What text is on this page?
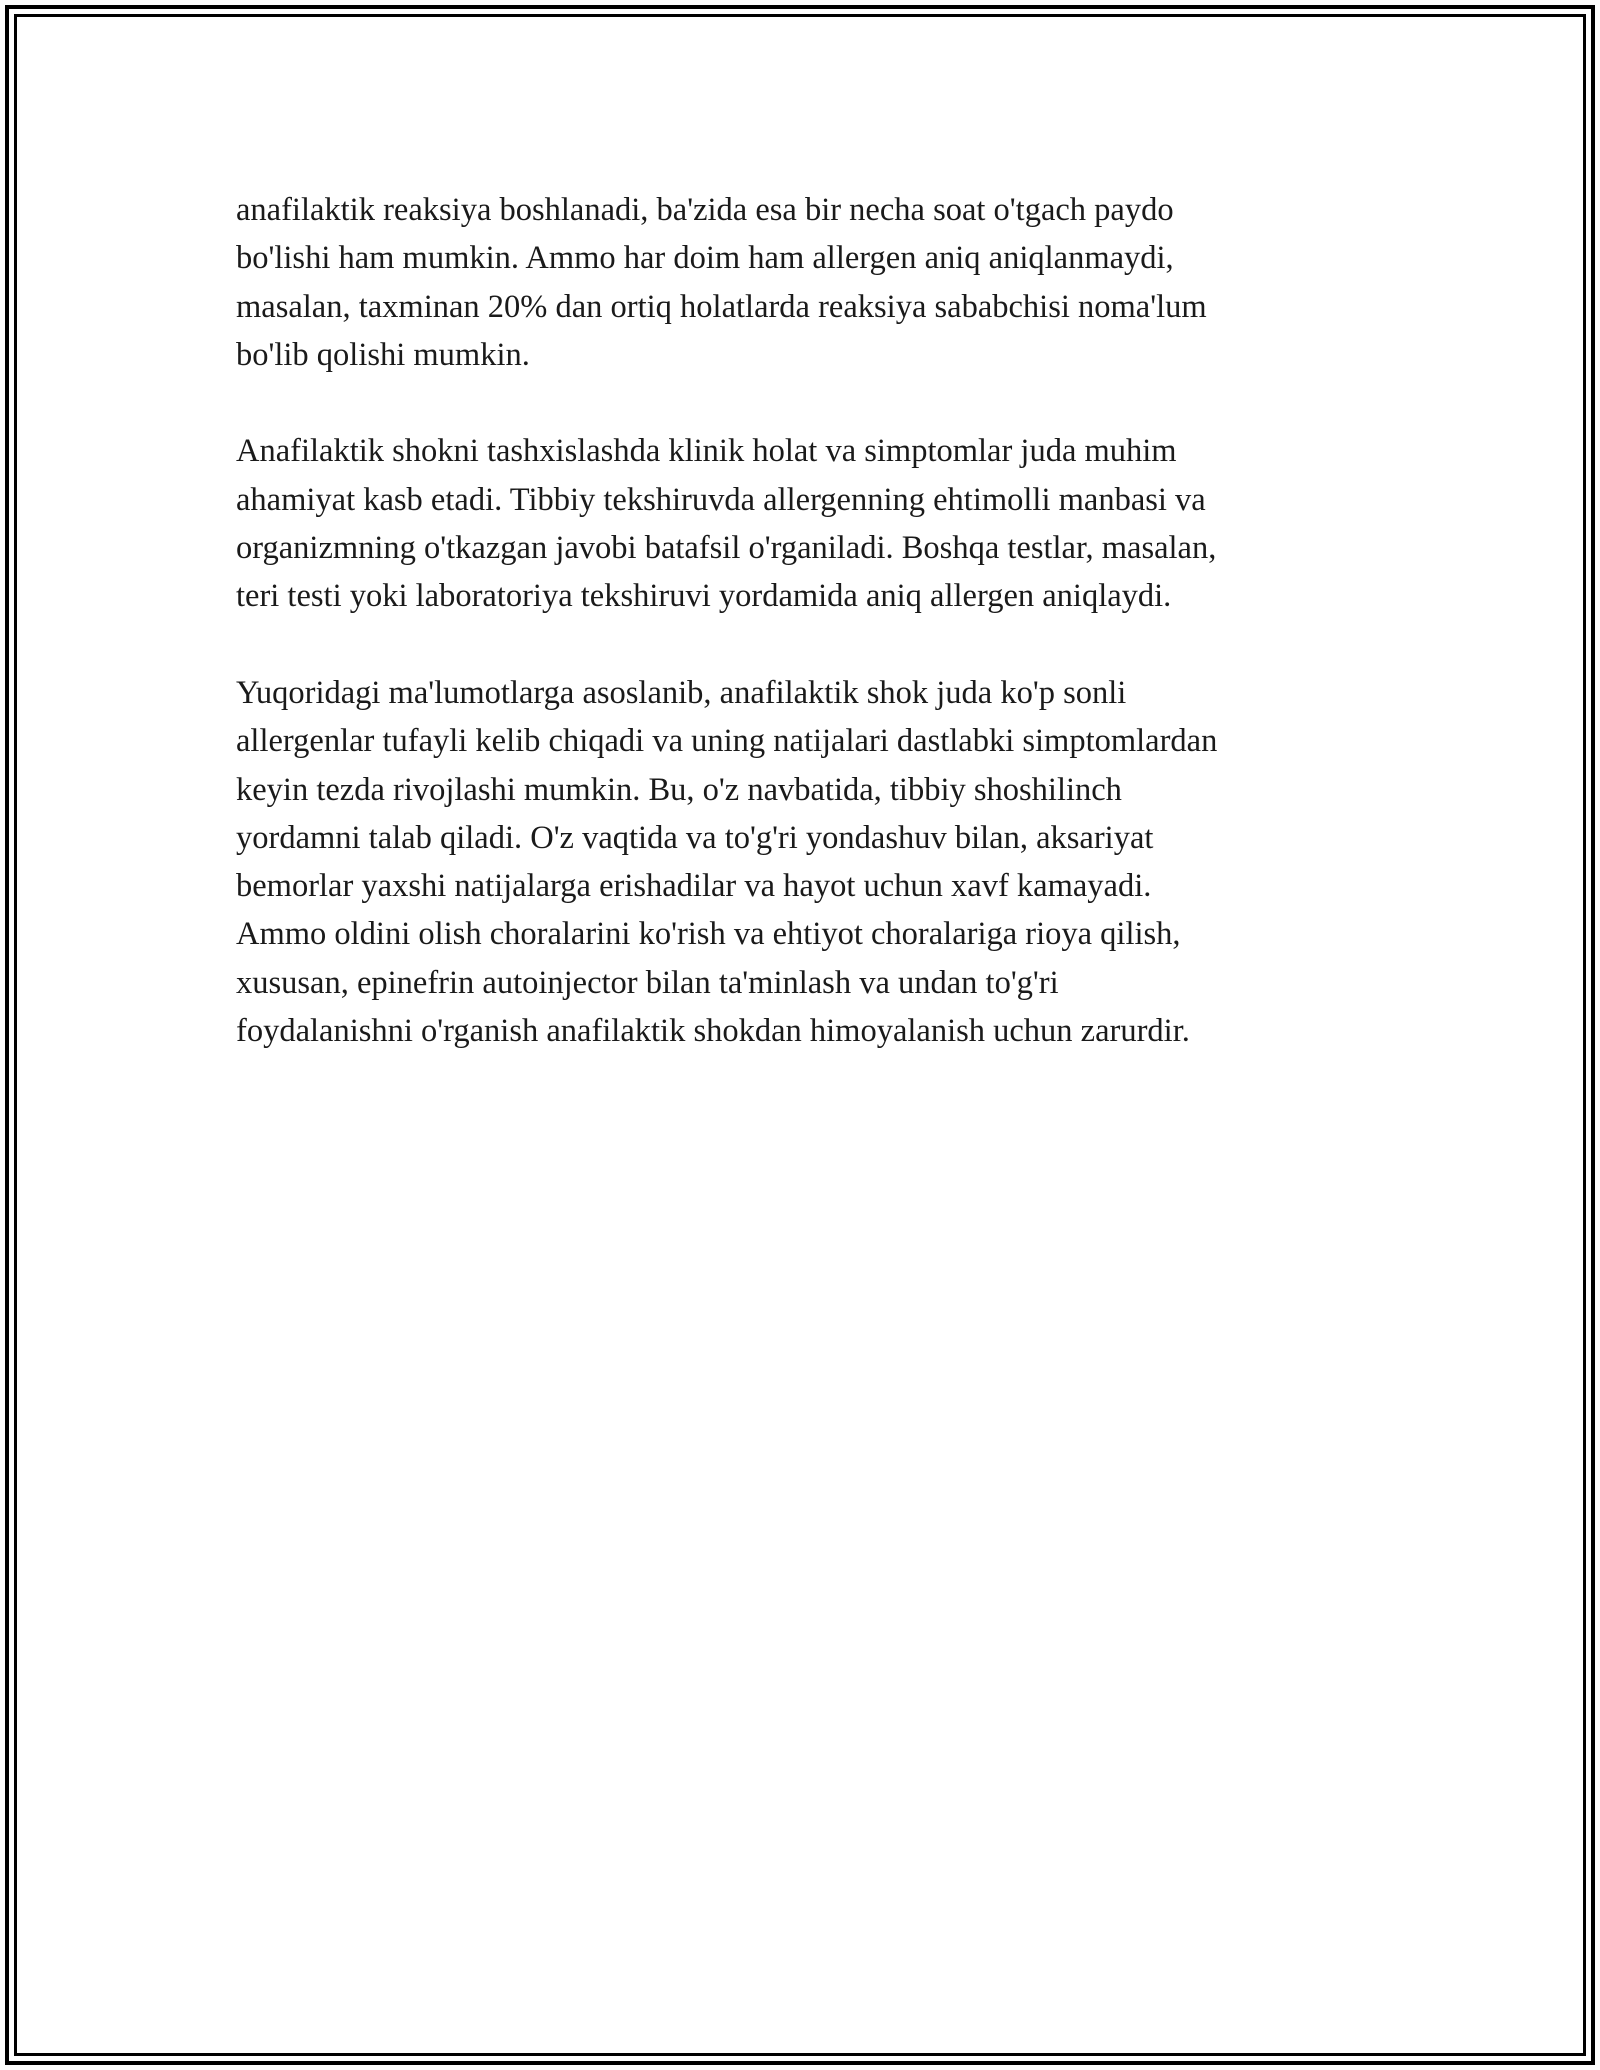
anafilaktik reaksiya boshlanadi, ba'zida esa bir necha soat o'tgach paydo
bo'lishi ham mumkin. Ammo har doim ham allergen aniq aniqlanmaydi,
masalan, taxminan 20% dan ortiq holatlarda reaksiya sababchisi noma'lum
bo'lib qolishi mumkin.

Anafilaktik shokni tashxislashda klinik holat va simptomlar juda muhim
ahamiyat kasb etadi. Tibbiy tekshiruvda allergenning ehtimolli manbasi va
organizmning o'tkazgan javobi batafsil o'rganiladi. Boshqa testlar, masalan,
teri testi yoki laboratoriya tekshiruvi yordamida aniq allergen aniqlaydi.

Yuqoridagi ma'lumotlarga asoslanib, anafilaktik shok juda ko'p sonli
allergenlar tufayli kelib chiqadi va uning natijalari dastlabki simptomlardan
keyin tezda rivojlashi mumkin. Bu, o'z navbatida, tibbiy shoshilinch
yordamni talab qiladi. O'z vaqtida va to'g'ri yondashuv bilan, aksariyat
bemorlar yaxshi natijalarga erishadilar va hayot uchun xavf kamayadi.
Ammo oldini olish choralarini ko'rish va ehtiyot choralariga rioya qilish,
xususan, epinefrin autoinjector bilan ta'minlash va undan to'g'ri
foydalanishni o'rganish anafilaktik shokdan himoyalanish uchun zarurdir.
